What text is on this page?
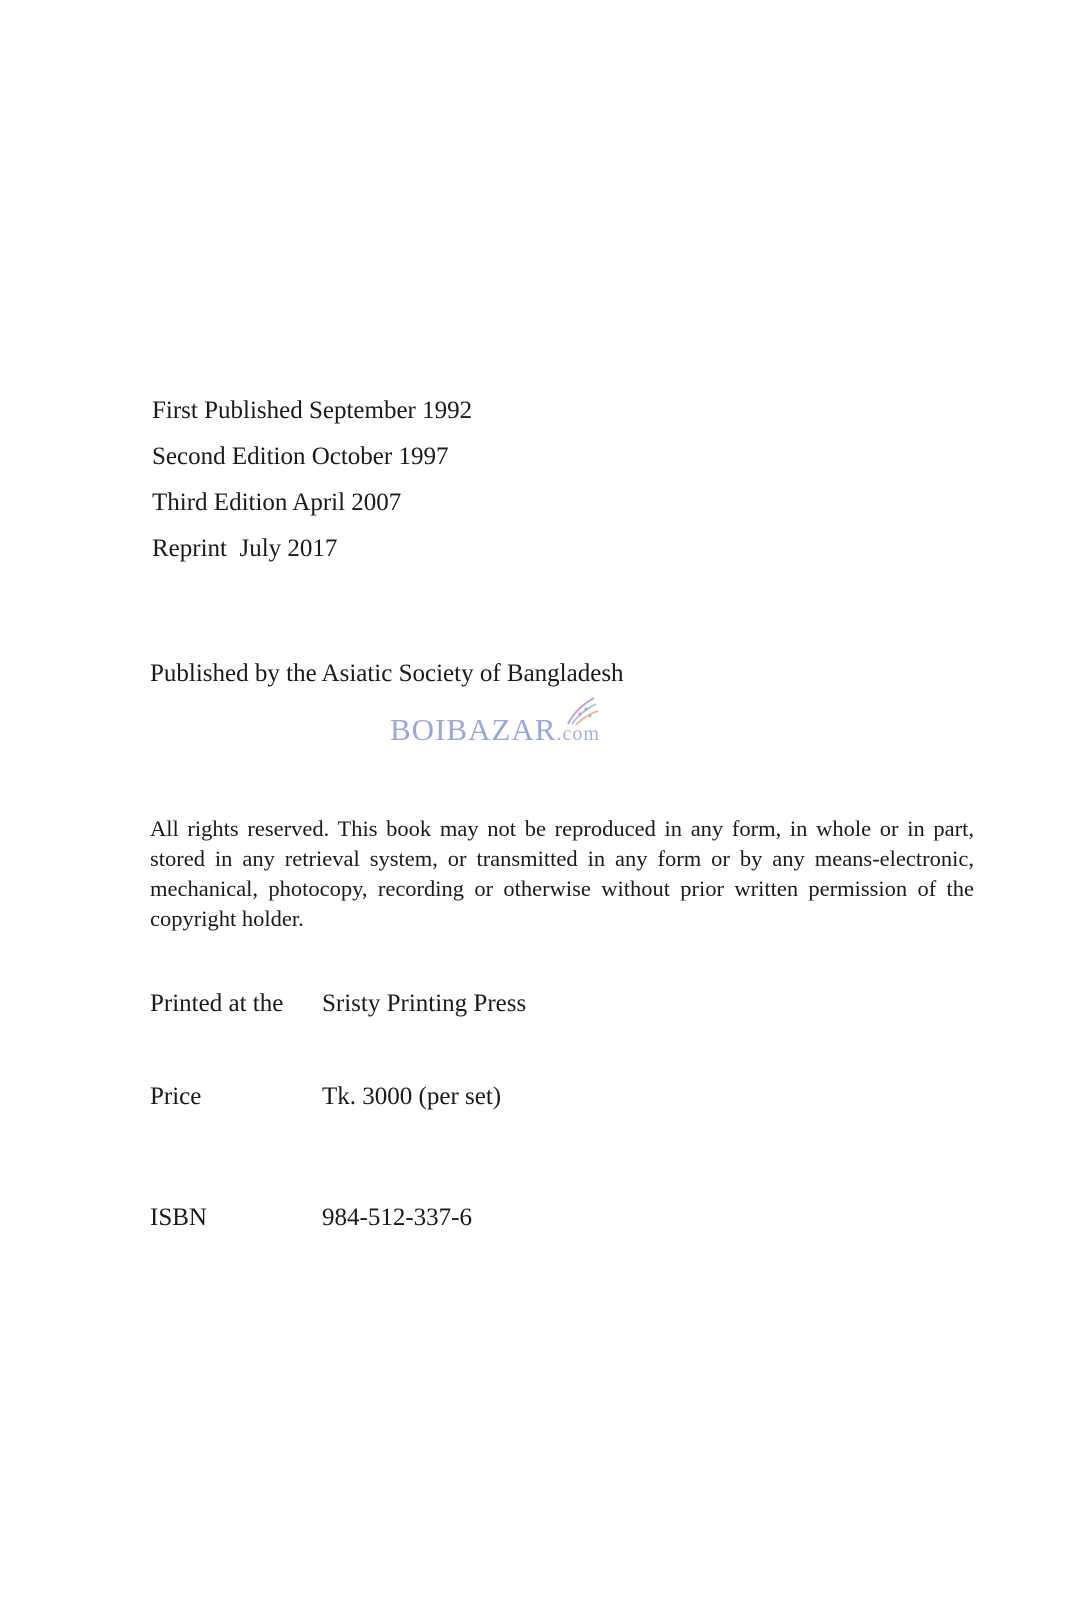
First Published September 1992
Second Edition October 1997
Third Edition April 2007
Reprint  July 2017
Published by the Asiatic Society of Bangladesh
BOIBAZAR.com
All rights reserved. This book may not be reproduced in any form, in whole or in part, stored in any retrieval system, or transmitted in any form or by any means-electronic, mechanical, photocopy, recording or otherwise without prior written permission of the copyright holder.
Printed at the Sristy Printing Press
Price	Tk. 3000 (per set)
ISBN	984-512-337-6
